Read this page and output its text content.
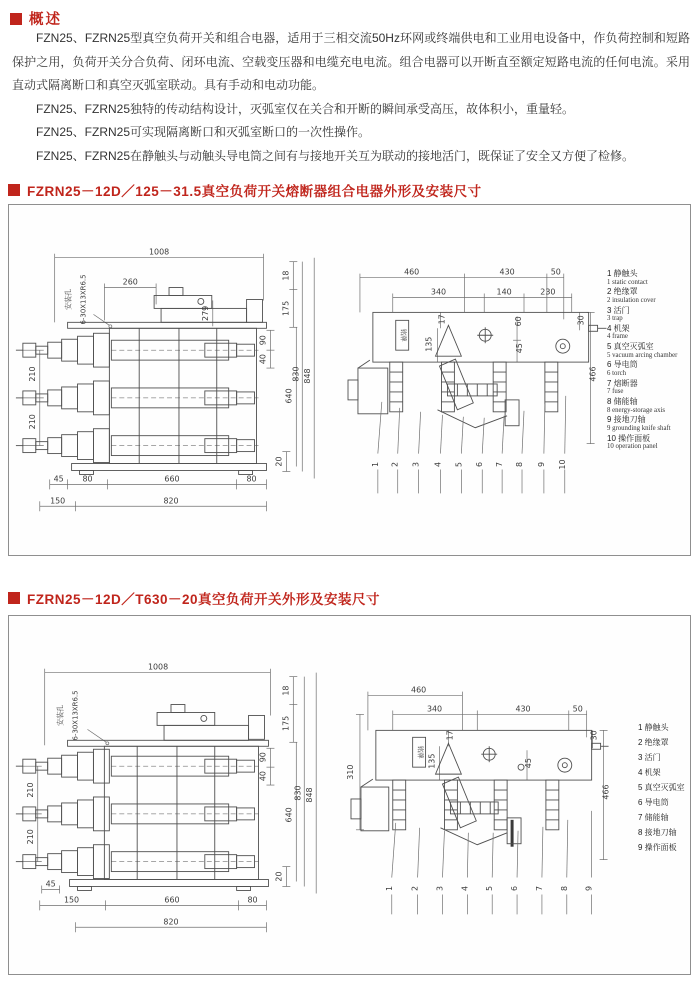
概述

FZN25、FZRN25型真空负荷开关和组合电器，适用于三相交流50Hz环网或终端供电和工业用电设备中，作负荷控制和短路保护之用，负荷开关分合负荷、闭环电流、空载变压器和电缆充电电流。组合电器可以开断直至额定短路电流的任何电流。采用直动式隔离断口和真空灭弧室联动。具有手动和电动功能。

FZN25、FZRN25独特的传动结构设计，灭弧室仅在关合和开断的瞬间承受高压，故体积小，重量轻。

FZN25、FZRN25可实现隔离断口和灭弧室断口的一次性操作。

FZN25、FZRN25在静触头与动触头导电筒之间有与接地开关互为联动的接地活门，既保证了安全又方便了检修。

FZRN25－12D／125－31.5真空负荷开关熔断器组合电器外形及安装尺寸
1008
260
279
18
175
90
40
830 848
640
20
210
210
45 80	660	80
150	820
安装孔 6-30X13XR6.5
铭牌
460	430	50
340	140	230
17
135
60
45
30
466
1 2 3 4 5 6 7 8 9 10
1 静触头
1 static contact
2 绝缘罩
2 insulation cover
3 活门
3 trap
4 机架
4 frame
5 真空灭弧室
5 vacuum arcing chamber
6 导电筒
6 torch
7 熔断器
7 fuse
8 储能轴
8 energy-storage axis
9 接地刀轴
9 grounding knife shaft
10 操作面板
10 operation panel
FZRN25－12D／T630－20真空负荷开关外形及安装尺寸
1008
18
175
90
40
830 848
640
20
210
210
45
150	660	80
820
安装孔 6-30X13XR6.5
铭牌
460
340	430	50
17
135	45
30
310
466
1 2 3 4 5 6 7 8 9
1 静触头
2 绝缘罩
3 活门
4 机架
5 真空灭弧室
6 导电筒
7 储能轴
8 接地刀轴
9 操作面板
